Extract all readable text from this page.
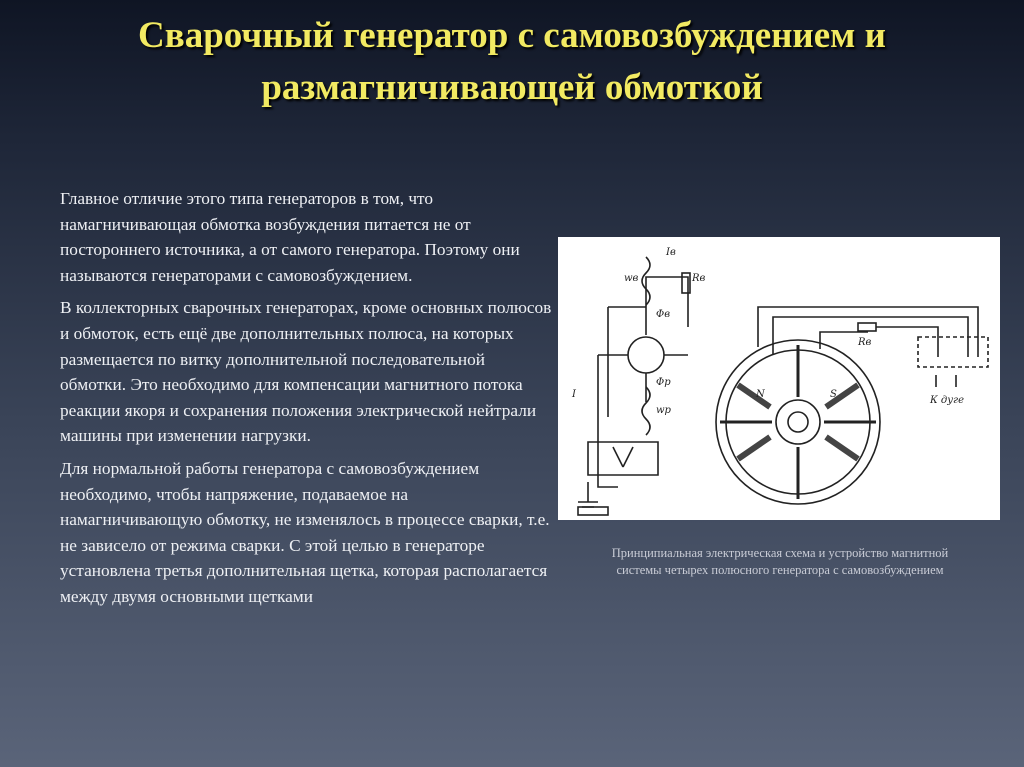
Сварочный генератор с самовозбуждением и размагничивающей обмоткой

Главное отличие этого типа генераторов в том, что намагничивающая обмотка возбуждения питается не от постороннего источника, а от самого генератора. Поэтому они называются генераторами с самовозбуждением.

В коллекторных сварочных генераторах, кроме основных полюсов и обмоток, есть ещё две дополнительных полюса, на которых размещается по витку дополнительной последовательной обмотки. Это необходимо для компенсации магнитного потока реакции якоря и сохранения положения электрической нейтрали машины при изменении нагрузки.

Для нормальной работы генератора с самовозбуждением необходимо, чтобы напряжение, подаваемое на намагничивающую обмотку, не изменялось в процессе сварки, т.е. не зависело от режима сварки. С этой целью в генераторе установлена третья дополнительная щетка, которая располагается между двумя основными щетками

Iв
wв	Rв
Φв
Φр
wр
Rв
К дуге
I	N	S
Принципиальная электрическая схема и устройство магнитной системы четырех полюсного генератора с самовозбуждением
